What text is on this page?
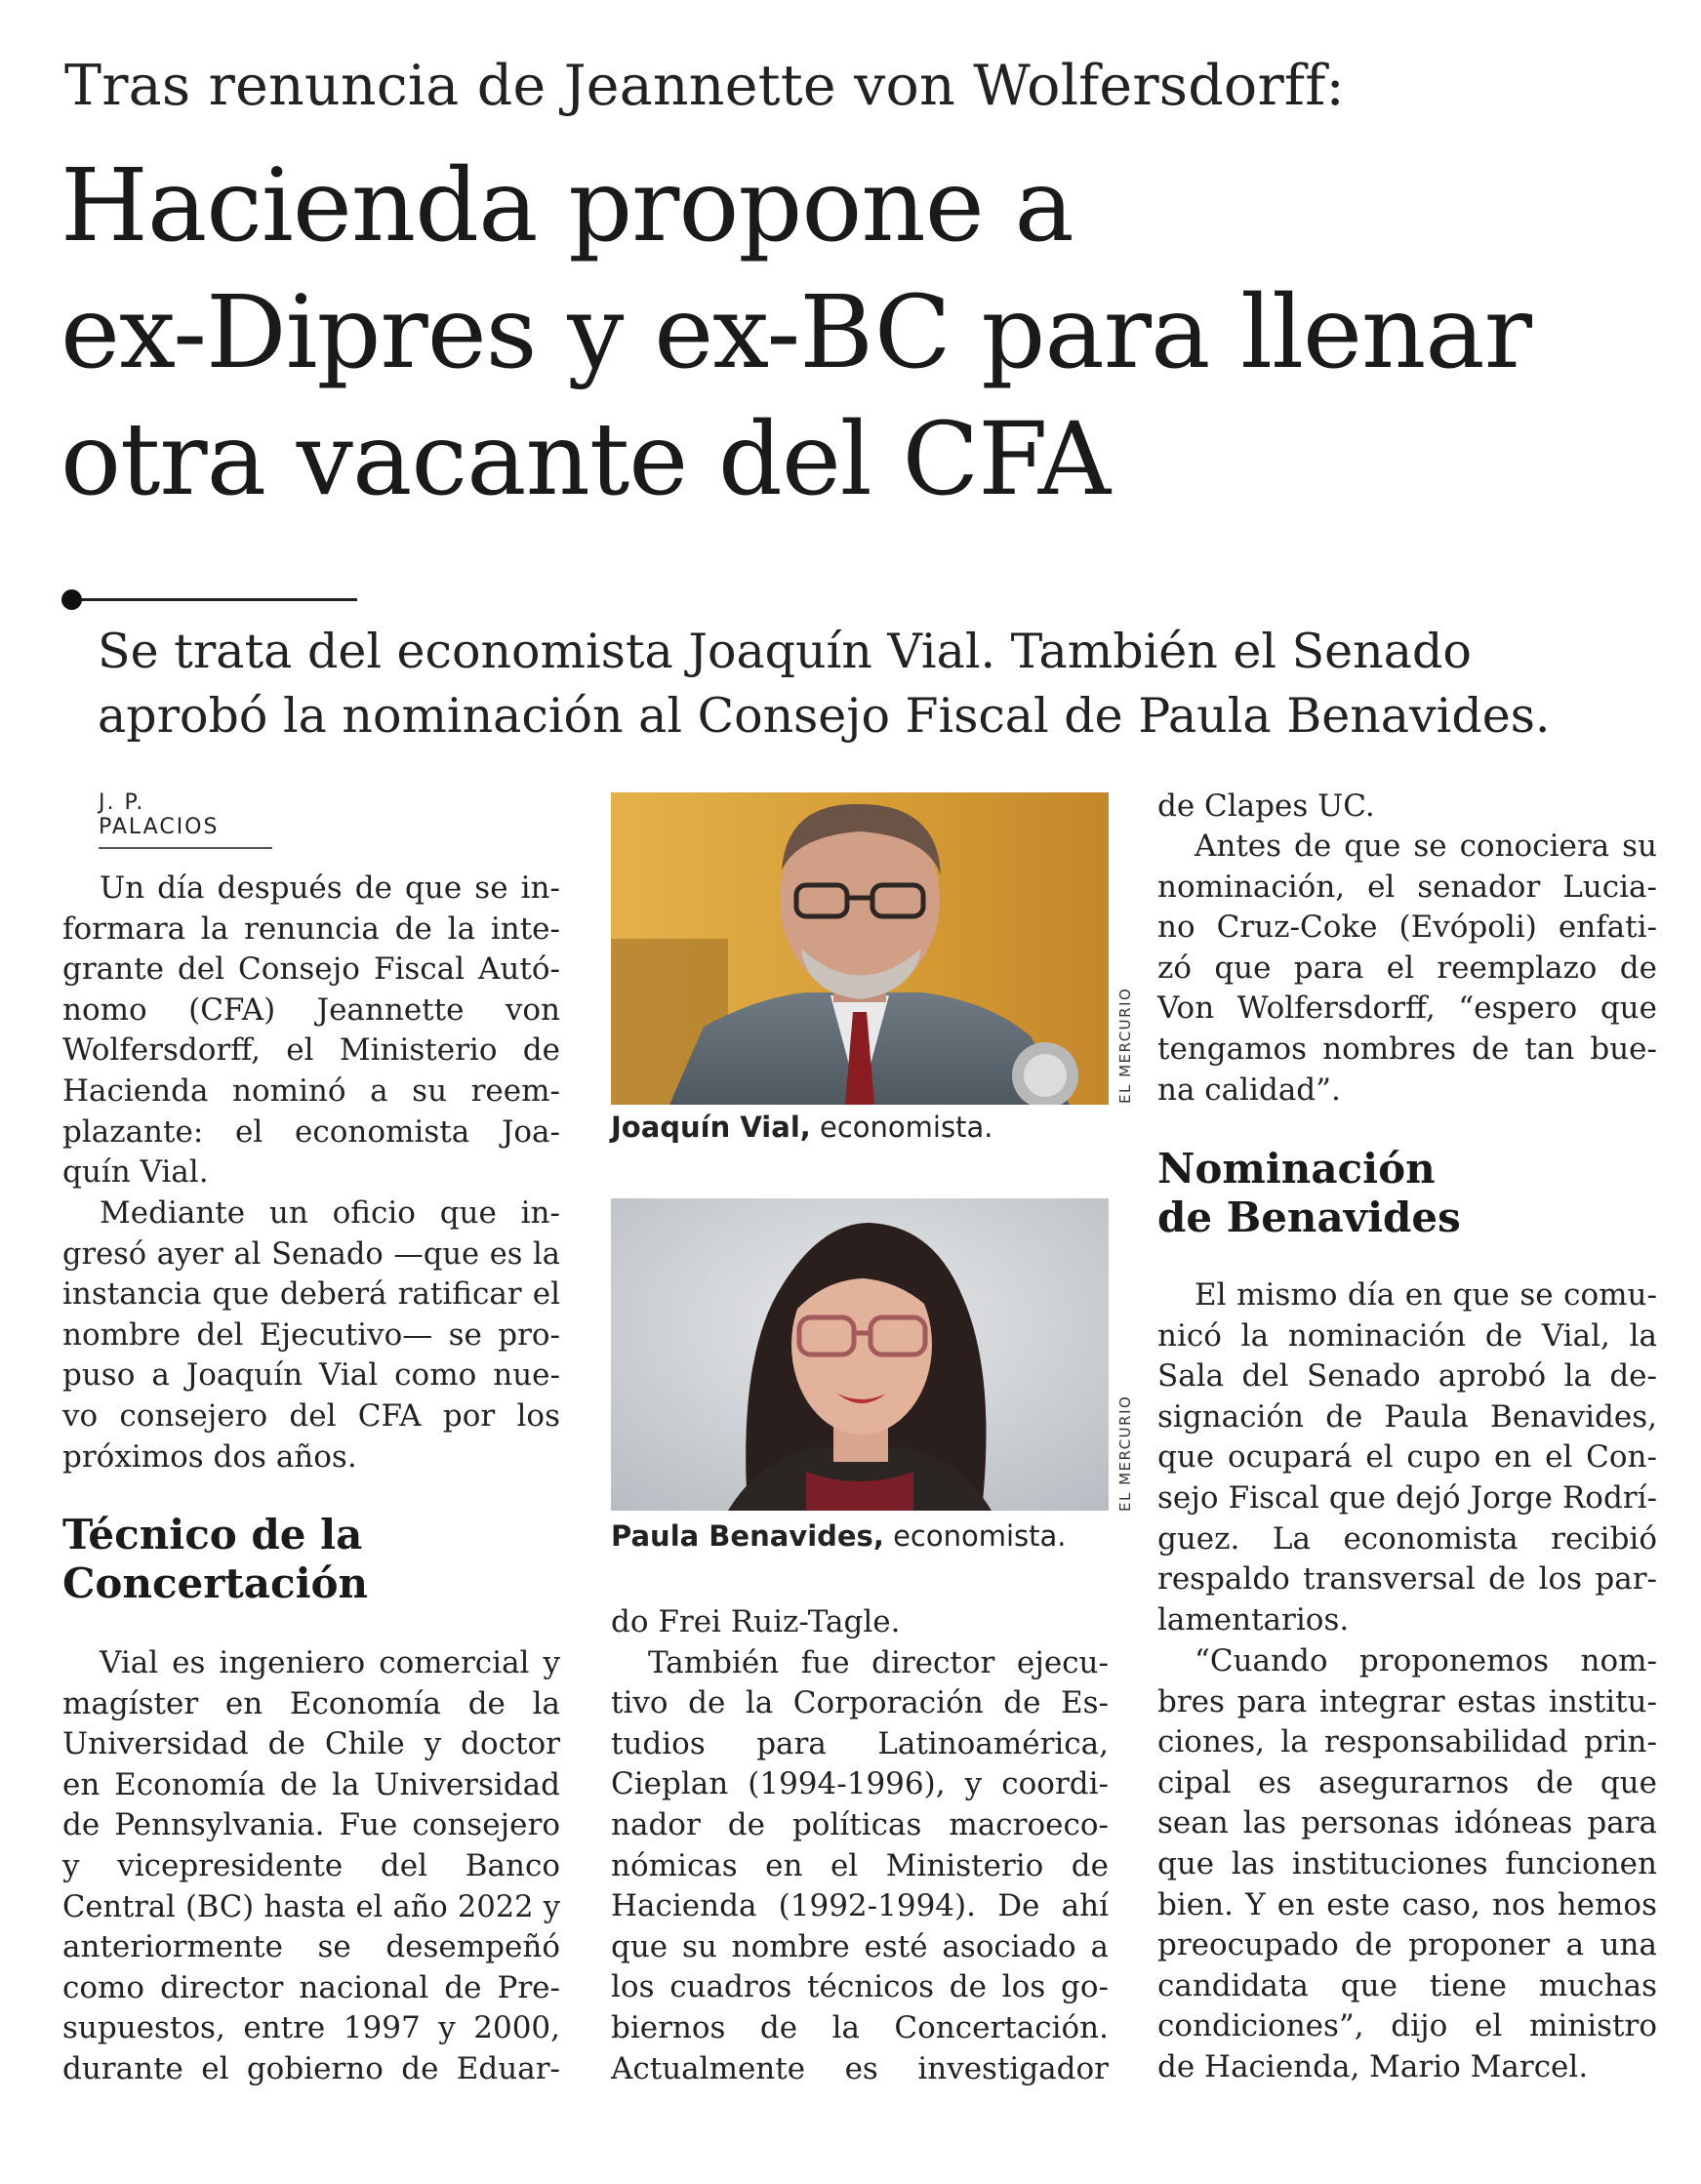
Tras renuncia de Jeannette von Wolfersdorff:
Hacienda propone a
ex-Dipres y ex-BC para llenar
otra vacante del CFA
Se trata del economista Joaquín Vial. También el Senado
aprobó la nominación al Consejo Fiscal de Paula Benavides.
J. P. PALACIOS
Un día después de que se in-
formara la renuncia de la inte-
grante del Consejo Fiscal Autó-
nomo (CFA) Jeannette von
Wolfersdorff, el Ministerio de
Hacienda nominó a su reem-
plazante: el economista Joa-
quín Vial.
Mediante un oficio que in-
gresó ayer al Senado —que es la
instancia que deberá ratificar el
nombre del Ejecutivo— se pro-
puso a Joaquín Vial como nue-
vo consejero del CFA por los
próximos dos años.
Técnico de la
Concertación
Vial es ingeniero comercial y
magíster en Economía de la
Universidad de Chile y doctor
en Economía de la Universidad
de Pennsylvania. Fue consejero
y vicepresidente del Banco
Central (BC) hasta el año 2022 y
anteriormente se desempeñó
como director nacional de Pre-
supuestos, entre 1997 y 2000,
durante el gobierno de Eduar-
EL MERCURIO
Joaquín Vial, economista.
EL MERCURIO
Paula Benavides, economista.
do Frei Ruiz-Tagle.
También fue director ejecu-
tivo de la Corporación de Es-
tudios para Latinoamérica,
Cieplan (1994-1996), y coordi-
nador de políticas macroeco-
nómicas en el Ministerio de
Hacienda (1992-1994). De ahí
que su nombre esté asociado a
los cuadros técnicos de los go-
biernos de la Concertación.
Actualmente es investigador
de Clapes UC.
Antes de que se conociera su
nominación, el senador Lucia-
no Cruz-Coke (Evópoli) enfati-
zó que para el reemplazo de
Von Wolfersdorff, “espero que
tengamos nombres de tan bue-
na calidad”.
Nominación
de Benavides
El mismo día en que se comu-
nicó la nominación de Vial, la
Sala del Senado aprobó la de-
signación de Paula Benavides,
que ocupará el cupo en el Con-
sejo Fiscal que dejó Jorge Rodrí-
guez. La economista recibió
respaldo transversal de los par-
lamentarios.
“Cuando proponemos nom-
bres para integrar estas institu-
ciones, la responsabilidad prin-
cipal es asegurarnos de que
sean las personas idóneas para
que las instituciones funcionen
bien. Y en este caso, nos hemos
preocupado de proponer a una
candidata que tiene muchas
condiciones”, dijo el ministro
de Hacienda, Mario Marcel.
